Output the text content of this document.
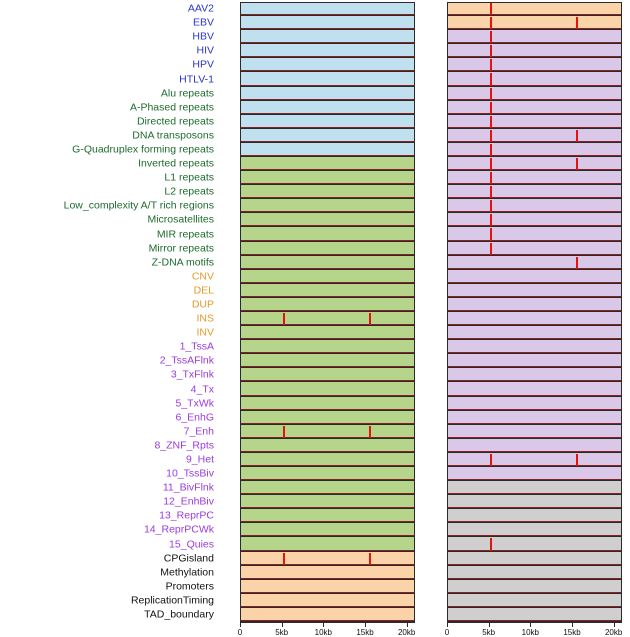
AAV2
EBV
HBV
HIV
HPV
HTLV-1
Alu repeats
A-Phased repeats
Directed repeats
DNA transposons
G-Quadruplex forming repeats
Inverted repeats
L1 repeats
L2 repeats
Low_complexity A/T rich regions
Microsatellites
MIR repeats
Mirror repeats
Z-DNA motifs
CNV
DEL
DUP
INS
INV
1_TssA
2_TssAFlnk
3_TxFlnk
4_Tx
5_TxWk
6_EnhG
7_Enh
8_ZNF_Rpts
9_Het
10_TssBiv
11_BivFlnk
12_EnhBiv
13_ReprPC
14_ReprPCWk
15_Quies
CPGisland
Methylation
Promoters
ReplicationTiming
TAD_boundary
0	5kb	10kb	15kb	20kb	0	5kb	10kb	15kb	20kb
